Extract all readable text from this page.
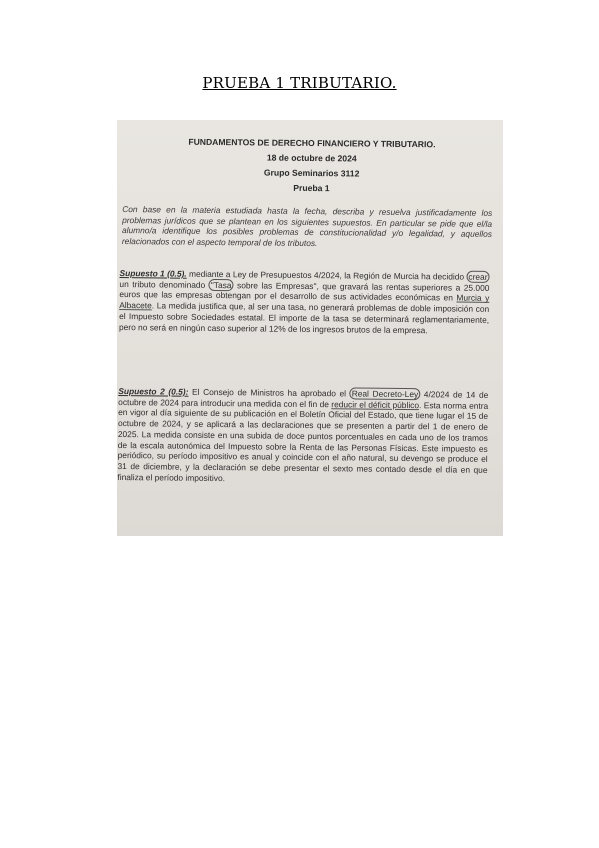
PRUEBA 1 TRIBUTARIO.
FUNDAMENTOS DE DERECHO FINANCIERO Y TRIBUTARIO.
18 de octubre de 2024
Grupo Seminarios 3112
Prueba 1
Con base en la materia estudiada hasta la fecha, describa y resuelva justificadamente los problemas jurídicos que se plantean en los siguientes supuestos. En particular se pide que el/la alumno/a identifique los posibles problemas de constitucionalidad y/o legalidad, y aquellos relacionados con el aspecto temporal de los tributos.
Supuesto 1 (0.5). mediante a Ley de Presupuestos 4/2024, la Región de Murcia ha decidido crear un tributo denominado "Tasa sobre las Empresas", que gravará las rentas superiores a 25.000 euros que las empresas obtengan por el desarrollo de sus actividades económicas en Murcia y Albacete. La medida justifica que, al ser una tasa, no generará problemas de doble imposición con el Impuesto sobre Sociedades estatal. El importe de la tasa se determinará reglamentariamente, pero no será en ningún caso superior al 12% de los ingresos brutos de la empresa.
Supuesto 2 (0.5): El Consejo de Ministros ha aprobado el Real Decreto-Ley 4/2024 de 14 de octubre de 2024 para introducir una medida con el fin de reducir el déficit público. Esta norma entra en vigor al día siguiente de su publicación en el Boletín Oficial del Estado, que tiene lugar el 15 de octubre de 2024, y se aplicará a las declaraciones que se presenten a partir del 1 de enero de 2025. La medida consiste en una subida de doce puntos porcentuales en cada uno de los tramos de la escala autonómica del Impuesto sobre la Renta de las Personas Físicas. Este impuesto es periódico, su período impositivo es anual y coincide con el año natural, su devengo se produce el 31 de diciembre, y la declaración se debe presentar el sexto mes contado desde el día en que finaliza el período impositivo.
